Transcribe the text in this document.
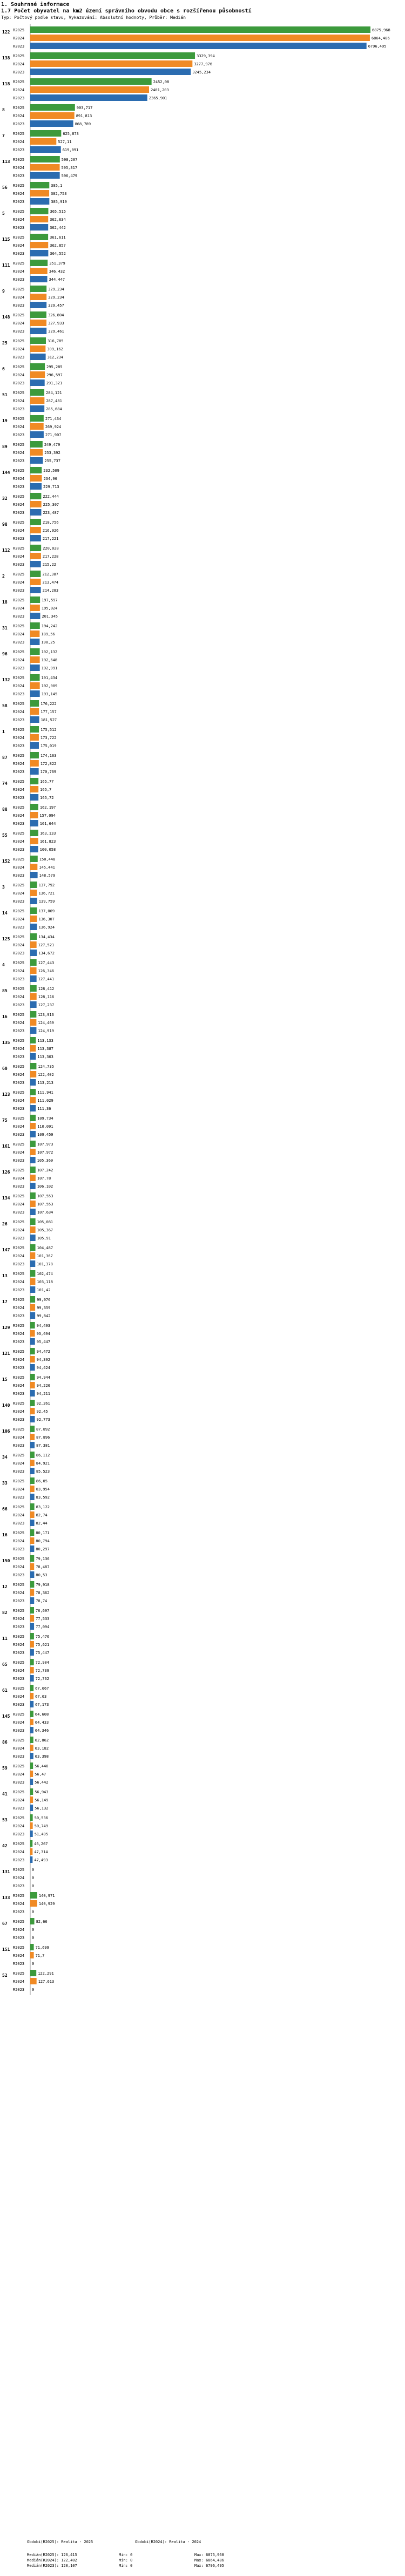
1. Souhrnné informace
1.7 Počet obyvatel na km2 území správního obvodu obce s rozšířenou působností
Typ: Počtový podle stavu, Vykazování: Absolutní hodnoty, Průběr: Medián
122 R2025	6875,968
R2024	6864,486
R2023	6796,495
138 R2025	3329,394
R2024	3277,976
R2023	3245,234
118 R2025	2452,08
R2024	2401,203
R2023	2365,901
8 R2025	903,717
R2024	891,813
R2023	868,789
7 R2025	625,873
R2024	527,11
R2023	619,091
113 R2025	598,207
R2024	595,317
R2023	596,479
56 R2025	385,1
R2024	382,753
R2023	385,919
5 R2025	365,515
R2024	362,634
R2023	362,442
115 R2025	361,611
R2024	362,857
R2023	364,552
111 R2025	351,379
R2024	346,432
R2023	344,447
9 R2025	329,234
R2024	329,234
R2023	329,457
148 R2025	326,804
R2024	327,933
R2023	329,461
25 R2025	316,785
R2024	309,162
R2023	312,234
6 R2025	295,285
R2024	296,597
R2023	291,321
51 R2025	284,121
R2024	287,481
R2023	285,684
19 R2025	271,434
R2024	269,924
R2023	271,907
89 R2025	249,479
R2024	253,392
R2023	255,737
144 R2025	232,509
R2024	234,96
R2023	229,713
32 R2025	222,444
R2024	225,307
R2023	223,487
98 R2025	218,756
R2024	216,926
R2023	217,221
112 R2025	220,028
R2024	217,228
R2023	215,22
2 R2025	212,387
R2024	213,474
R2023	214,283
18 R2025	197,597
R2024	195,024
R2023	201,345
31 R2025	194,242
R2024	189,56
R2023	190,25
96 R2025	192,132
R2024	192,648
R2023	192,991
132 R2025	191,434
R2024	192,909
R2023	193,145
58 R2025	176,222
R2024	177,157
R2023	181,527
1 R2025	175,512
R2024	173,722
R2023	175,019
87 R2025	174,163
R2024	172,822
R2023	170,769
74 R2025	165,77
R2024	165,7
R2023	165,72
88 R2025	162,197
R2024	157,094
R2023	161,644
55 R2025	163,133
R2024	161,823
R2023	160,058
152 R2025	150,448
R2024	145,441
R2023	148,579
3 R2025	137,792
R2024	136,721
R2023	139,759
14 R2025	137,069
R2024	136,307
R2023	136,924
125 R2025	134,434
R2024	127,521
R2023	134,672
4 R2025	127,443
R2024	126,346
R2023	127,441
85 R2025	128,412
R2024	128,116
R2023	127,237
16 R2025	123,913
R2024	124,469
R2023	124,919
135 R2025	113,133
R2024	113,387
R2023	113,303
60 R2025	124,735
R2024	122,402
R2023	113,213
123 R2025	111,941
R2024	111,029
R2023	111,36
75 R2025	109,734
R2024	110,091
R2023	109,459
161 R2025	107,973
R2024	107,972
R2023	105,369
126 R2025	107,242
R2024	107,78
R2023	106,102
134 R2025	107,553
R2024	107,553
R2023	107,634
26 R2025	105,081
R2024	105,367
R2023	105,91
147 R2025	104,487
R2024	101,367
R2023	101,378
13 R2025	102,474
R2024	103,118
R2023	101,42
17 R2025	99,076
R2024	99,359
R2023	99,842
129 R2025	94,493
R2024	93,694
R2023	95,447
121 R2025	94,472
R2024	94,392
R2023	94,424
15 R2025	94,944
R2024	94,226
R2023	94,211
140 R2025	92,261
R2024	92,45
R2023	92,773
106 R2025	87,892
R2024	87,896
R2023	87,381
34 R2025	86,112
R2024	84,921
R2023	85,523
33 R2025	86,05
R2024	83,954
R2023	83,592
66 R2025	83,122
R2024	82,74
R2023	82,44
16 R2025	80,171
R2024	80,794
R2023	80,297
150 R2025	79,136
R2024	78,487
R2023	80,53
12 R2025	79,918
R2024	78,362
R2023	78,74
82 R2025	76,697
R2024	77,533
R2023	77,094
11 R2025	75,476
R2024	75,621
R2023	75,447
65 R2025	72,904
R2024	72,739
R2023	72,762
61 R2025	67,067
R2024	67,03
R2023	67,173
145 R2025	64,608
R2024	64,433
R2023	64,346
86 R2025	62,862
R2024	63,182
R2023	63,398
59 R2025	56,446
R2024	56,47
R2023	56,442
41 R2025	56,943
R2024	56,149
R2023	56,132
53 R2025	50,536
R2024	50,749
R2023	51,495
42 R2025	46,267
R2024	47,314
R2023	47,493
131 R2025 0
R2024 0
R2023 0
133 R2025	140,971
R2024	140,929
R2023 0
67 R2025	82,66
R2024 0
R2023 0
151 R2025	71,699
R2024	71,7
R2023 0
52 R2025	122,291
R2024	127,613
R2023 0
Období(R2025): Realita - 2025	Období(R2024): Realita - 2024
Medián(R2025): 126,415
Medián(R2024): 122,402
Medián(R2023): 120,107
Min: 0
Min: 0
Min: 0
Max: 6875,968
Max: 6864,486
Max: 6796,495
